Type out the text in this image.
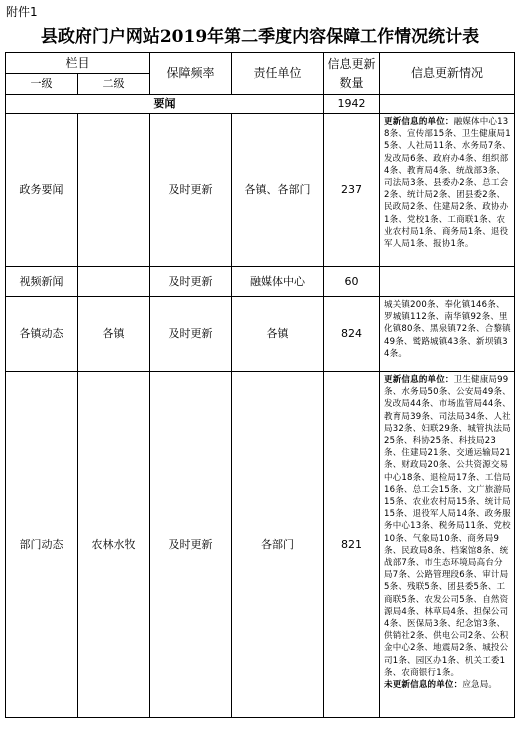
附件1
县政府门户网站2019年第二季度内容保障工作情况统计表
栏目		保障频率	责任单位	信息更新数量	信息更新情况
一级	二级				
要闻				1942	
政务要闻		及时更新	各镇、各部门	237	更新信息的单位：融媒体中心138条、宣传部15条、卫生健康局15条、人社局11条、水务局7条、发改局6条、政府办4条、组织部4条、教育局4条、统战部3条、司法局3条、县委办2条、总工会2条、统计局2条、团县委2条、民政局2条、住建局2条、政协办1条、党校1条、工商联1条、农业农村局1条、商务局1条、退役军人局1条、报协1条。
视频新闻		及时更新	融媒体中心	60	
各镇动态	各镇	及时更新	各镇	824	城关镇200条、奉化镇146条、罗城镇112条、南华镇92条、里化镇80条、黑泉镇72条、合黎镇49条、鹫路城镇43条、新坝镇34条。
部门动态	农林水牧	及时更新	各部门	821	更新信息的单位：卫生健康局99条、水务局50条、公安局49条、发改局44条、市场监管局44条、教育局39条、司法局34条、人社局32条、妇联29条、城管执法局25条、科协25条、科技局23条、住建局21条、交通运输局21条、财政局20条、公共资源交易中心18条、退检局17条、工信局16条、总工会15条、文广旅游局15条、农业农村局15条、统计局15条、退役军人局14条、政务服务中心13条、税务局11条、党校10条、气象局10条、商务局9条、民政局8条、档案馆8条、统战部7条、市生态环境局高台分局7条、公路管理段6条、审计局5条、残联5条、团县委5条、工商联5条、农发公司5条、自然资源局4条、林草局4条、担保公司4条、医保局3条、纪念馆3条、供销社2条、供电公司2条、公积金中心2条、地震局2条、城投公司1条、园区办1条、机关工委1条、农商银行1条。
未更新信息的单位：应急局。
